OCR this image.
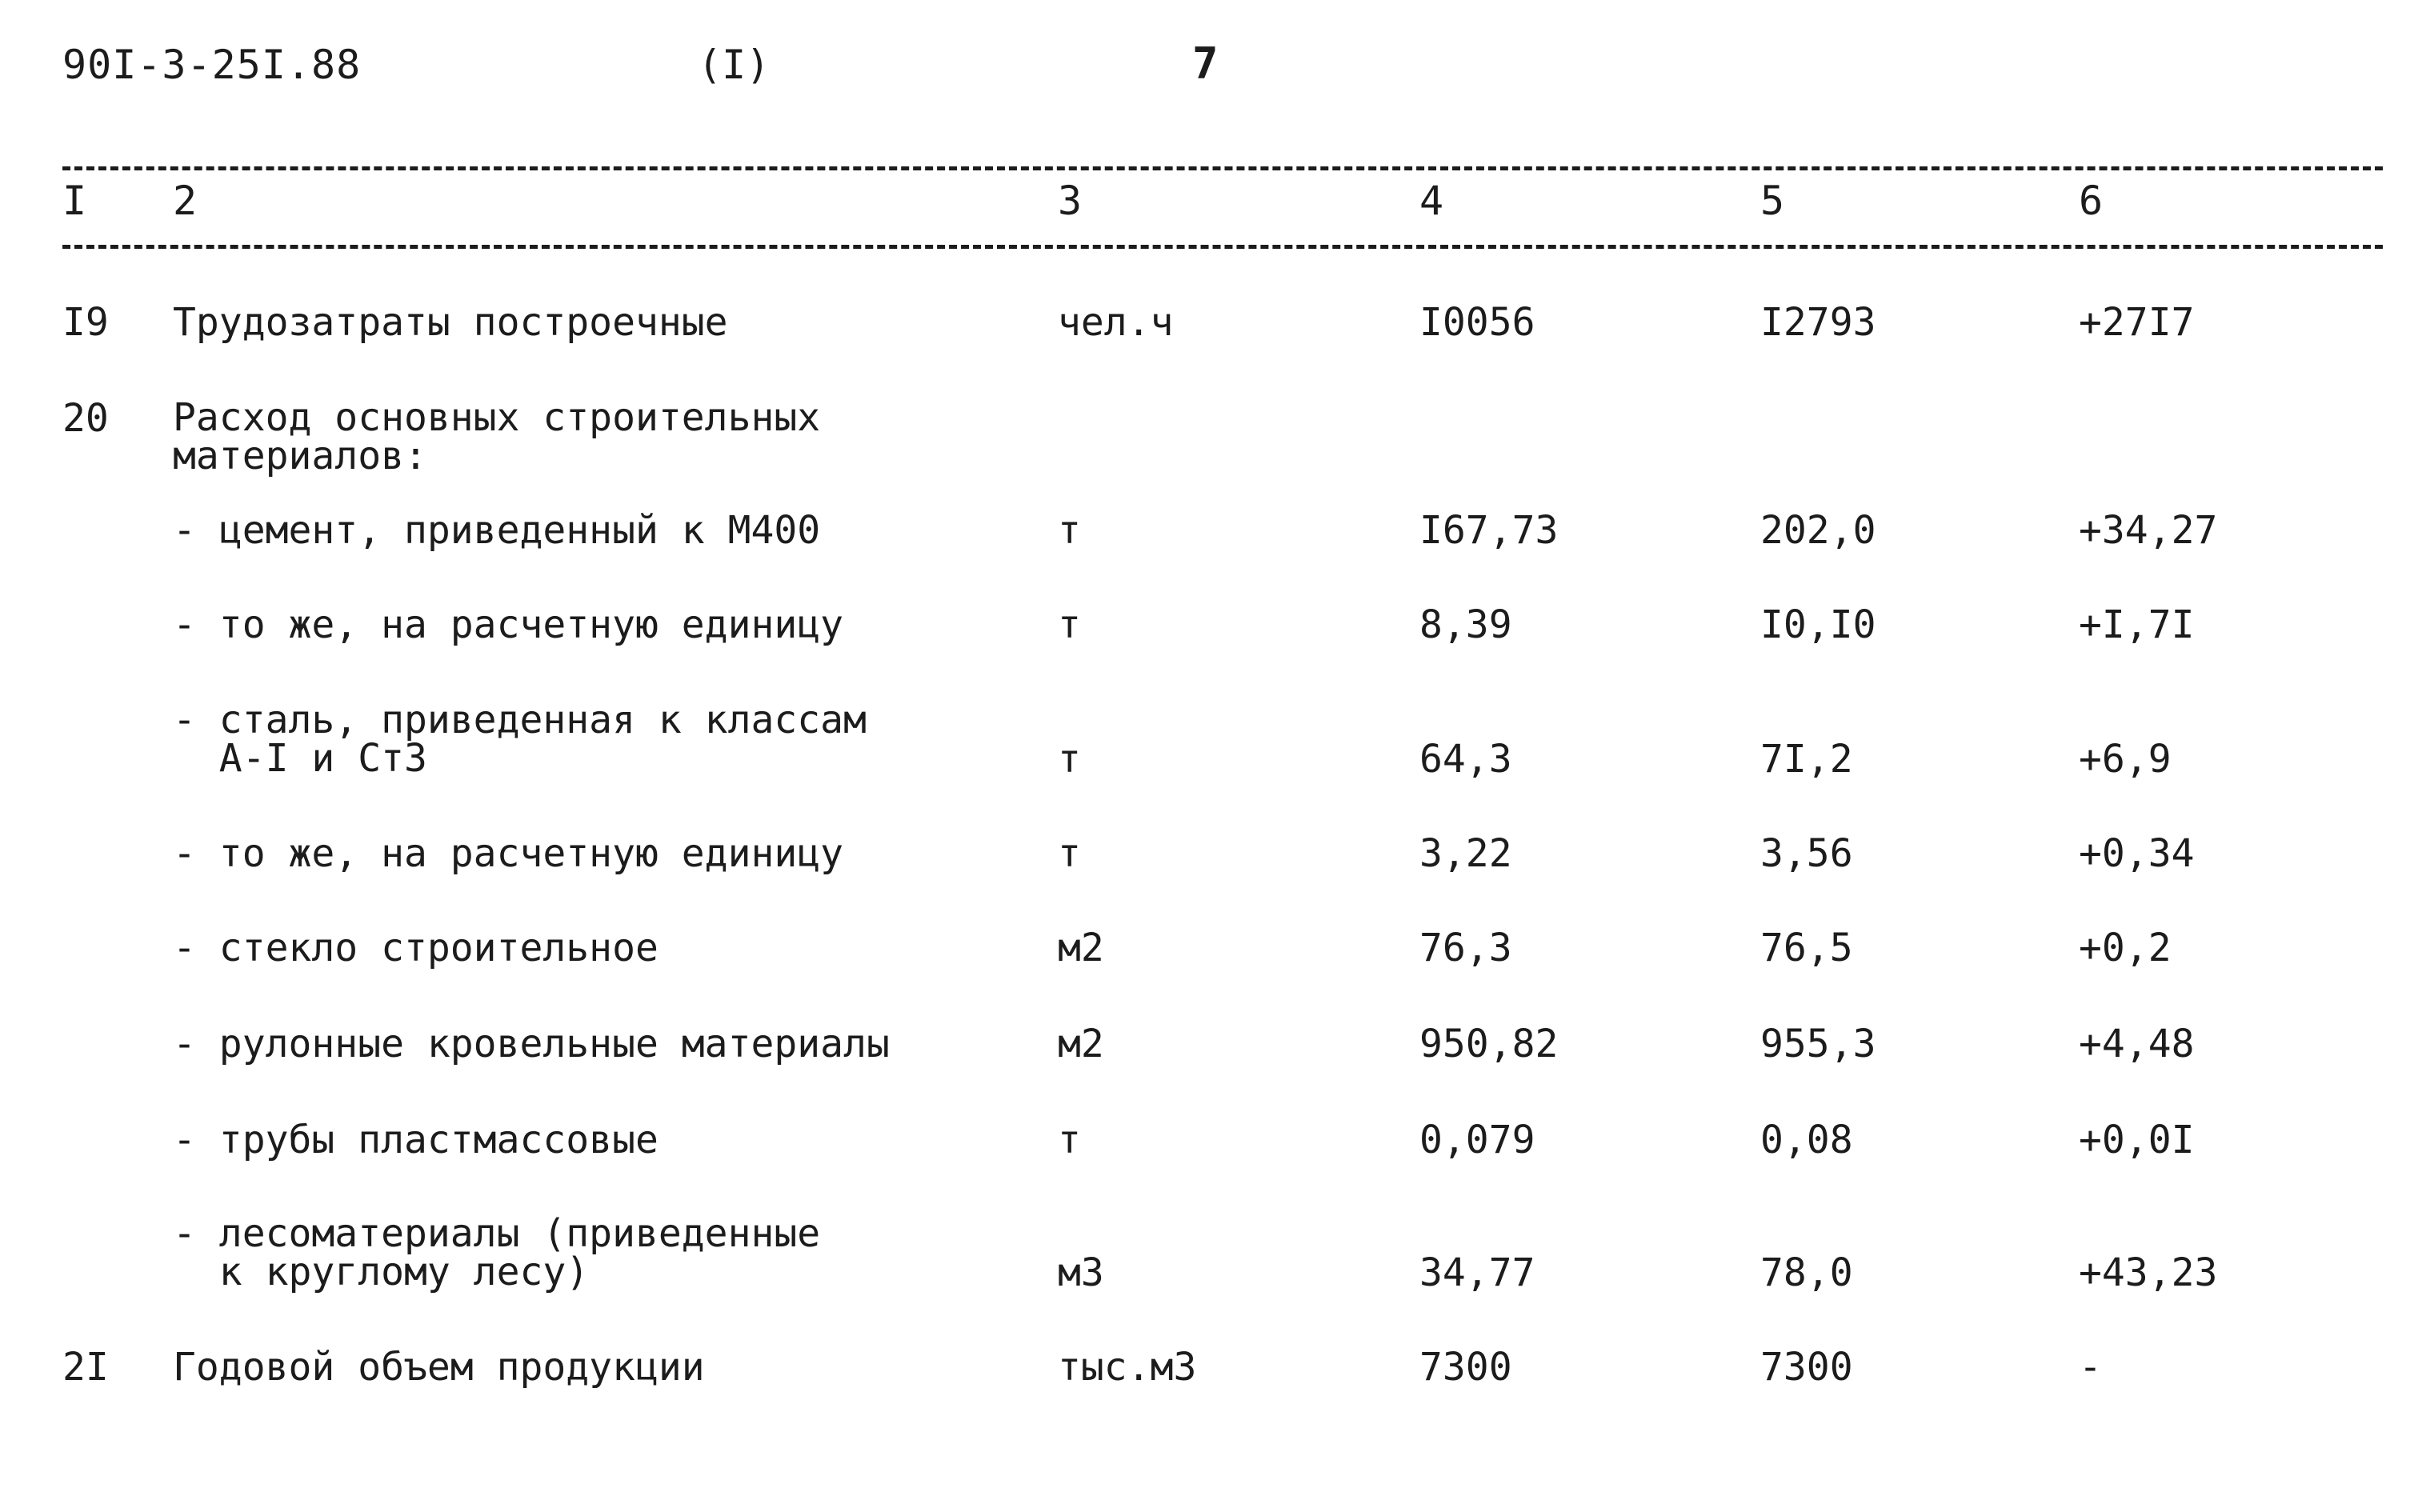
90I-3-25I.88	(I)	7
I 2	3	4	5	6
I9 Трудозатраты построечные	чел.ч	I0056	I2793	+27I7
20 Расход основных строительных
материалов:
- цемент, приведенный к М400	т	I67,73	202,0	+34,27
- то же, на расчетную единицу	т	8,39	I0,I0	+I,7I
- сталь, приведенная к классам
А-I и Ст3	т	64,3	7I,2	+6,9
- то же, на расчетную единицу	т	3,22	3,56	+0,34
- стекло строительное	м2	76,3	76,5	+0,2
- рулонные кровельные материалы	м2	950,82	955,3	+4,48
- трубы пластмассовые	т	0,079	0,08	+0,0I
- лесоматериалы (приведенные
к круглому лесу)	м3	34,77	78,0	+43,23
2I Годовой объем продукции	тыс.м3	7300	7300	-
